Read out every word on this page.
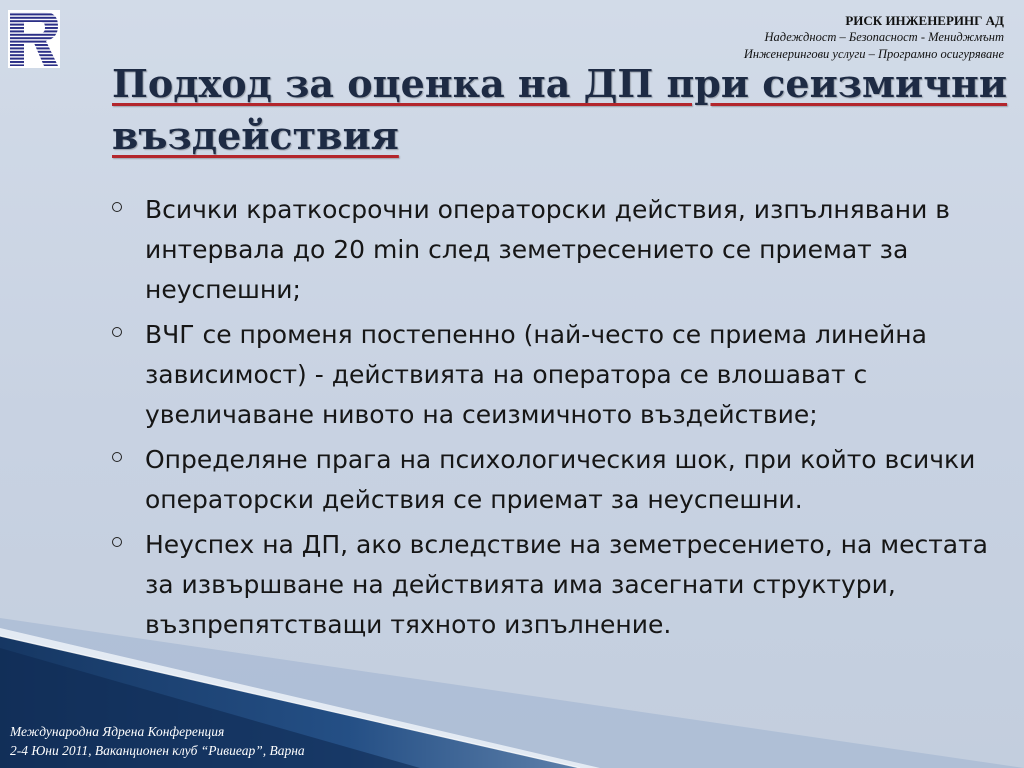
РИСК ИНЖЕНЕРИНГ АД
Надеждност – Безопасност - Мениджмънт
Инженерингови услуги – Програмно осигуряване
Подход за оценка на ДП при сеизмични въздействия
Всички краткосрочни операторски действия, изпълнявани в интервала до 20 min след земетресението се приемат за неуспешни;
ВЧГ се променя постепенно (най-често се приема линейна зависимост) - действията на оператора се влошават с увеличаване нивото на сеизмичното въздействие;
Определяне прага на психологическия шок, при който всички операторски действия се приемат за неуспешни.
Неуспех на ДП, ако вследствие на земетресението, на местата за извършване на действията има засегнати структури, възпрепятстващи тяхното изпълнение.
Международна Ядрена Конференция
2-4 Юни 2011, Ваканционен клуб “Ривиеар”, Варна
